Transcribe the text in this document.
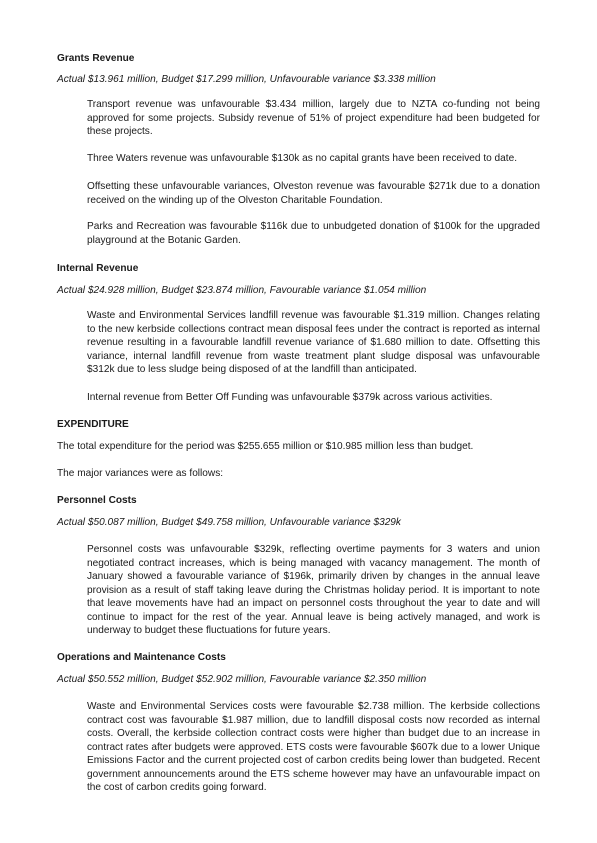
Grants Revenue

Actual $13.961 million, Budget $17.299 million, Unfavourable variance $3.338 million

Transport revenue was unfavourable $3.434 million, largely due to NZTA co-funding not being approved for some projects. Subsidy revenue of 51% of project expenditure had been budgeted for these projects.

Three Waters revenue was unfavourable $130k as no capital grants have been received to date.

Offsetting these unfavourable variances, Olveston revenue was favourable $271k due to a donation received on the winding up of the Olveston Charitable Foundation.

Parks and Recreation was favourable $116k due to unbudgeted donation of $100k for the upgraded playground at the Botanic Garden.

Internal Revenue

Actual $24.928 million, Budget $23.874 million, Favourable variance $1.054 million

Waste and Environmental Services landfill revenue was favourable $1.319 million. Changes relating to the new kerbside collections contract mean disposal fees under the contract is reported as internal revenue resulting in a favourable landfill revenue variance of $1.680 million to date. Offsetting this variance, internal landfill revenue from waste treatment plant sludge disposal was unfavourable $312k due to less sludge being disposed of at the landfill than anticipated.

Internal revenue from Better Off Funding was unfavourable $379k across various activities.

EXPENDITURE

The total expenditure for the period was $255.655 million or $10.985 million less than budget.

The major variances were as follows:

Personnel Costs

Actual $50.087 million, Budget $49.758 million, Unfavourable variance $329k

Personnel costs was unfavourable $329k, reflecting overtime payments for 3 waters and union negotiated contract increases, which is being managed with vacancy management. The month of January showed a favourable variance of $196k, primarily driven by changes in the annual leave provision as a result of staff taking leave during the Christmas holiday period. It is important to note that leave movements have had an impact on personnel costs throughout the year to date and will continue to impact for the rest of the year. Annual leave is being actively managed, and work is underway to budget these fluctuations for future years.

Operations and Maintenance Costs

Actual $50.552 million, Budget $52.902 million, Favourable variance $2.350 million

Waste and Environmental Services costs were favourable $2.738 million. The kerbside collections contract cost was favourable $1.987 million, due to landfill disposal costs now recorded as internal costs. Overall, the kerbside collection contract costs were higher than budget due to an increase in contract rates after budgets were approved. ETS costs were favourable $607k due to a lower Unique Emissions Factor and the current projected cost of carbon credits being lower than budgeted. Recent government announcements around the ETS scheme however may have an unfavourable impact on the cost of carbon credits going forward.
